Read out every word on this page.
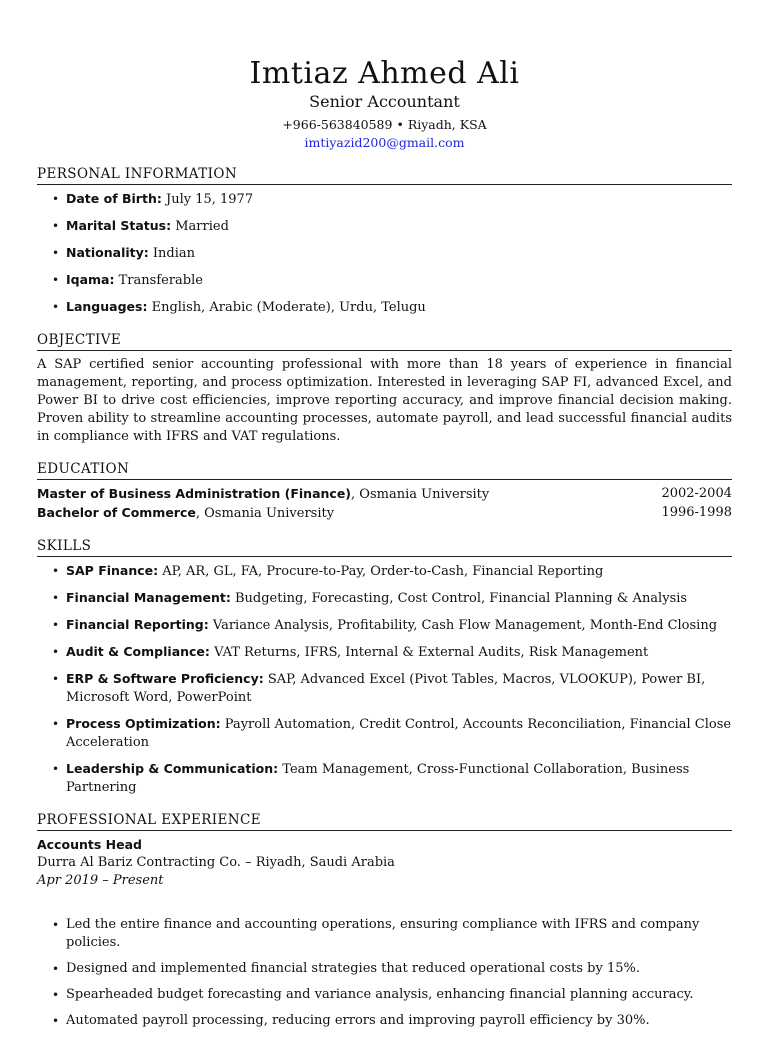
Imtiaz Ahmed Ali
Senior Accountant
+966-563840589 • Riyadh, KSA
imtiyazid200@gmail.com
PERSONAL INFORMATION
• Date of Birth: July 15, 1977
• Marital Status: Married
• Nationality: Indian
• Iqama: Transferable
• Languages: English, Arabic (Moderate), Urdu, Telugu
OBJECTIVE
A SAP certified senior accounting professional with more than 18 years of experience in financial management, reporting, and process optimization. Interested in leveraging SAP FI, advanced Excel, and Power BI to drive cost efficiencies, improve reporting accuracy, and improve financial decision making. Proven ability to streamline accounting processes, automate payroll, and lead successful financial audits in compliance with IFRS and VAT regulations.
EDUCATION
Master of Business Administration (Finance), Osmania University	2002-2004
Bachelor of Commerce, Osmania University	1996-1998
SKILLS
• SAP Finance: AP, AR, GL, FA, Procure-to-Pay, Order-to-Cash, Financial Reporting
• Financial Management: Budgeting, Forecasting, Cost Control, Financial Planning & Analysis
• Financial Reporting: Variance Analysis, Profitability, Cash Flow Management, Month-End Closing
• Audit & Compliance: VAT Returns, IFRS, Internal & External Audits, Risk Management
• ERP & Software Proficiency: SAP, Advanced Excel (Pivot Tables, Macros, VLOOKUP), Power BI, Microsoft Word, PowerPoint
• Process Optimization: Payroll Automation, Credit Control, Accounts Reconciliation, Financial Close Acceleration
• Leadership & Communication: Team Management, Cross-Functional Collaboration, Business Partnering
PROFESSIONAL EXPERIENCE
Accounts Head
Durra Al Bariz Contracting Co. – Riyadh, Saudi Arabia
Apr 2019 – Present
• Led the entire finance and accounting operations, ensuring compliance with IFRS and company policies.
• Designed and implemented financial strategies that reduced operational costs by 15%.
• Spearheaded budget forecasting and variance analysis, enhancing financial planning accuracy.
• Automated payroll processing, reducing errors and improving payroll efficiency by 30%.
